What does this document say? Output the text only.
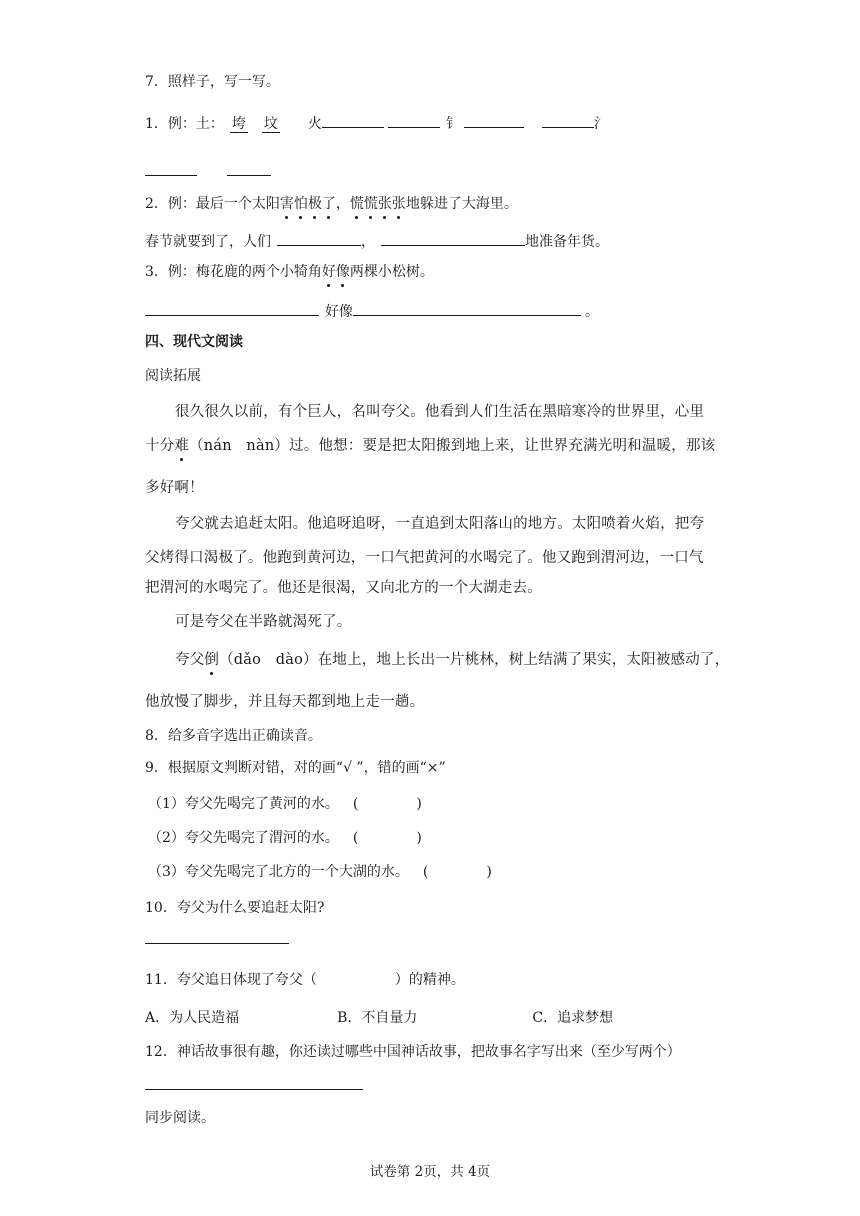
7．照样子，写一写。
1．例：土： 垮 坟 火	钅	氵
2．例：最后一个太阳害怕极了，慌慌张张地躲进了大海里。
春节就要到了，人们	，	地准备年货。
3．例：梅花鹿的两个小犄角好像两棵小松树。
好像	。
四、现代文阅读
阅读拓展
很久很久以前，有个巨人，名叫夸父。他看到人们生活在黑暗寒冷的世界里，心里
十分难（nán　nàn）过。他想：要是把太阳搬到地上来，让世界充满光明和温暖，那该
多好啊！
夸父就去追赶太阳。他追呀追呀，一直追到太阳落山的地方。太阳喷着火焰，把夸
父烤得口渴极了。他跑到黄河边，一口气把黄河的水喝完了。他又跑到渭河边，一口气
把渭河的水喝完了。他还是很渴，又向北方的一个大湖走去。
可是夸父在半路就渴死了。
夸父倒（dǎo　dào）在地上，地上长出一片桃林，树上结满了果实，太阳被感动了，
他放慢了脚步，并且每天都到地上走一趟。
8．给多音字选出正确读音。
9．根据原文判断对错，对的画“√ ”，错的画“×”
（1）夸父先喝完了黄河的水。 (	)
（2）夸父先喝完了渭河的水。 (	)
（3）夸父先喝完了北方的一个大湖的水。 (	)
10．夸父为什么要追赶太阳?
11．夸父追日体现了夸父（	）的精神。
A．为人民造福	B．不自量力	C．追求梦想
12．神话故事很有趣，你还读过哪些中国神话故事，把故事名字写出来（至少写两个）
同步阅读。
试卷第 2页，共 4页
